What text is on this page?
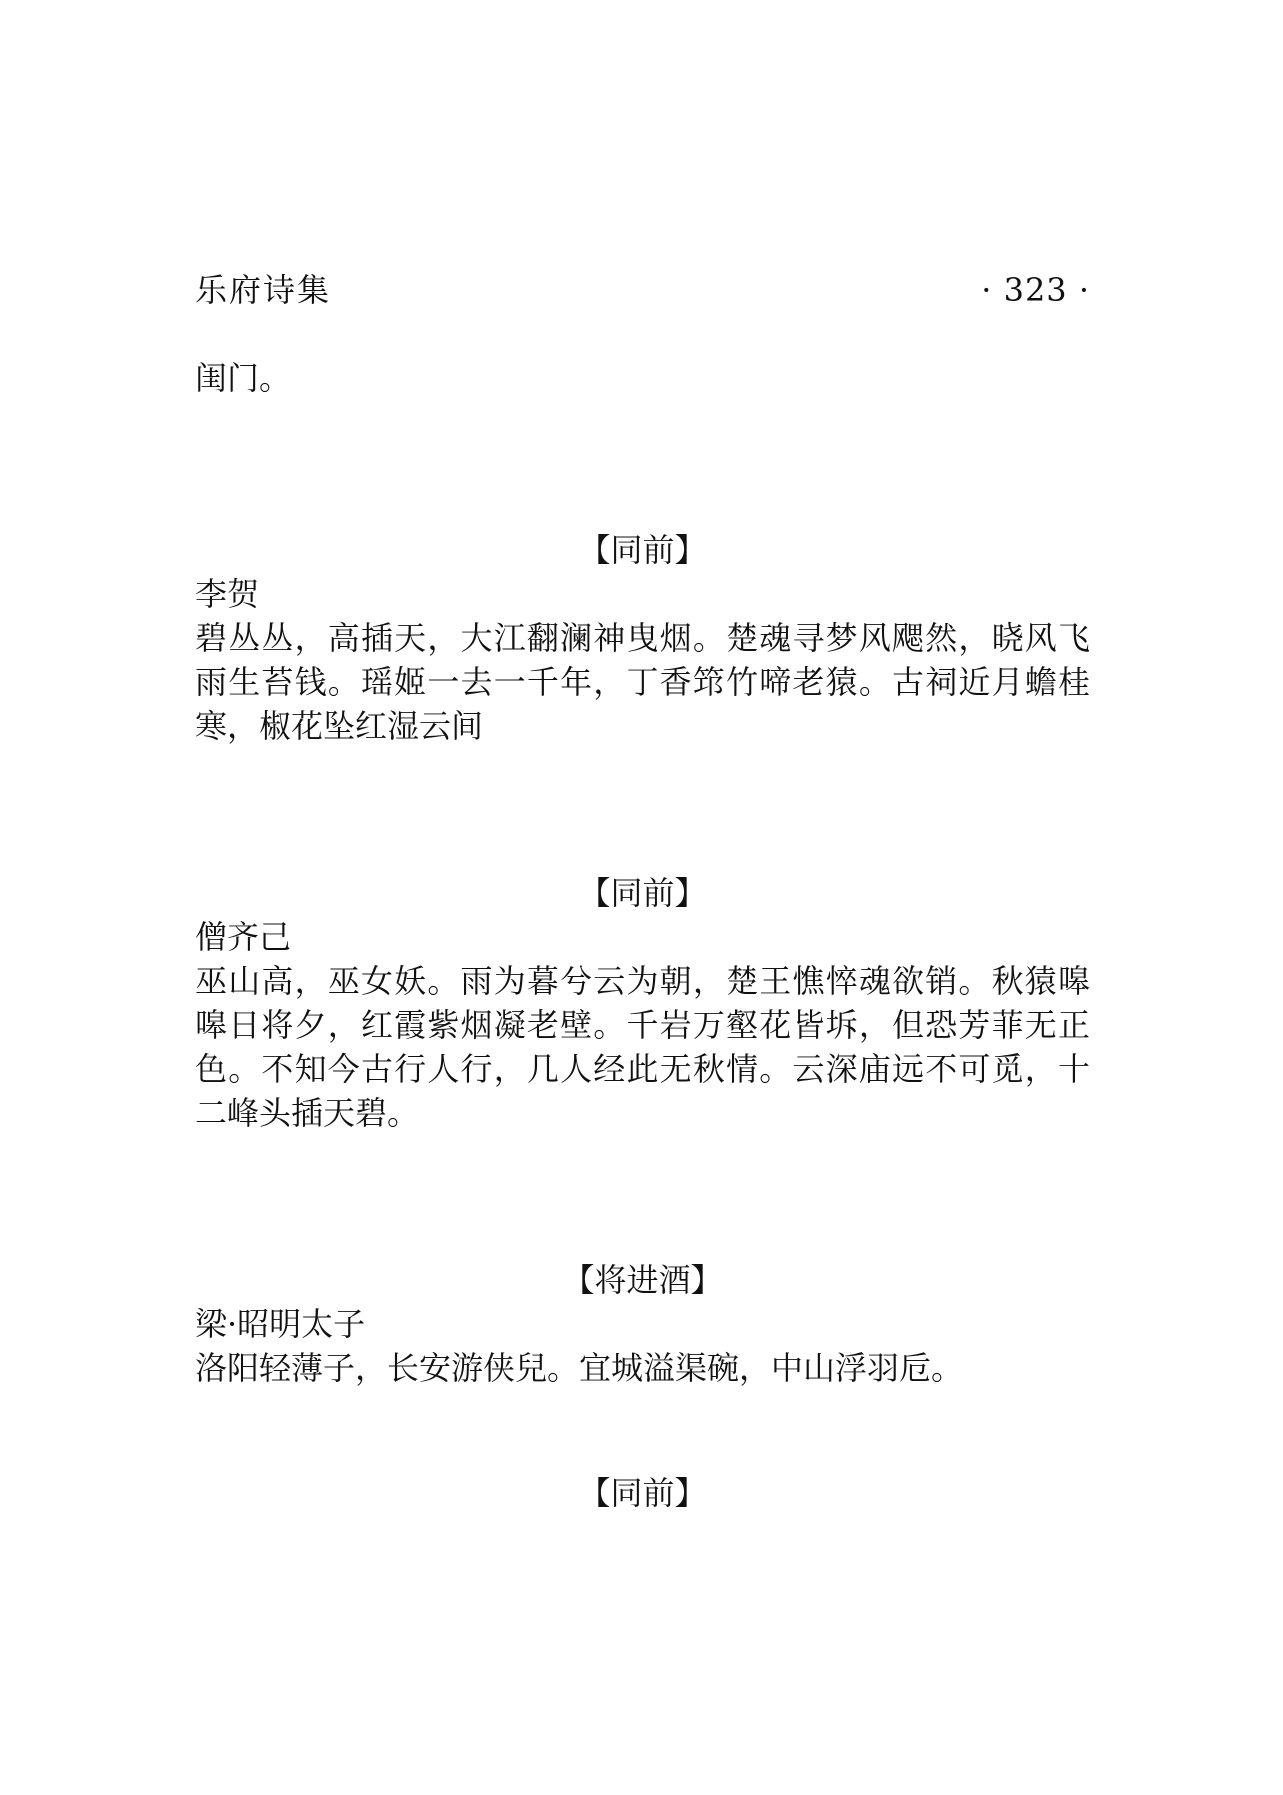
乐府诗集	· 323 ·

闺门。

【同前】

李贺

碧丛丛，高插天，大江翻澜神曳烟。楚魂寻梦风飔然，晓风飞雨生苔钱。瑶姬一去一千年，丁香筇竹啼老猿。古祠近月蟾桂寒，椒花坠红湿云间

【同前】

僧齐己

巫山高，巫女妖。雨为暮兮云为朝，楚王憔悴魂欲销。秋猿嗥嗥日将夕，红霞紫烟凝老壁。千岩万壑花皆坼，但恐芳菲无正色。不知今古行人行，几人经此无秋情。云深庙远不可觅，十二峰头插天碧。

【将进酒】

梁·昭明太子

洛阳轻薄子，长安游侠兒。宜城溢渠碗，中山浮羽卮。

【同前】
